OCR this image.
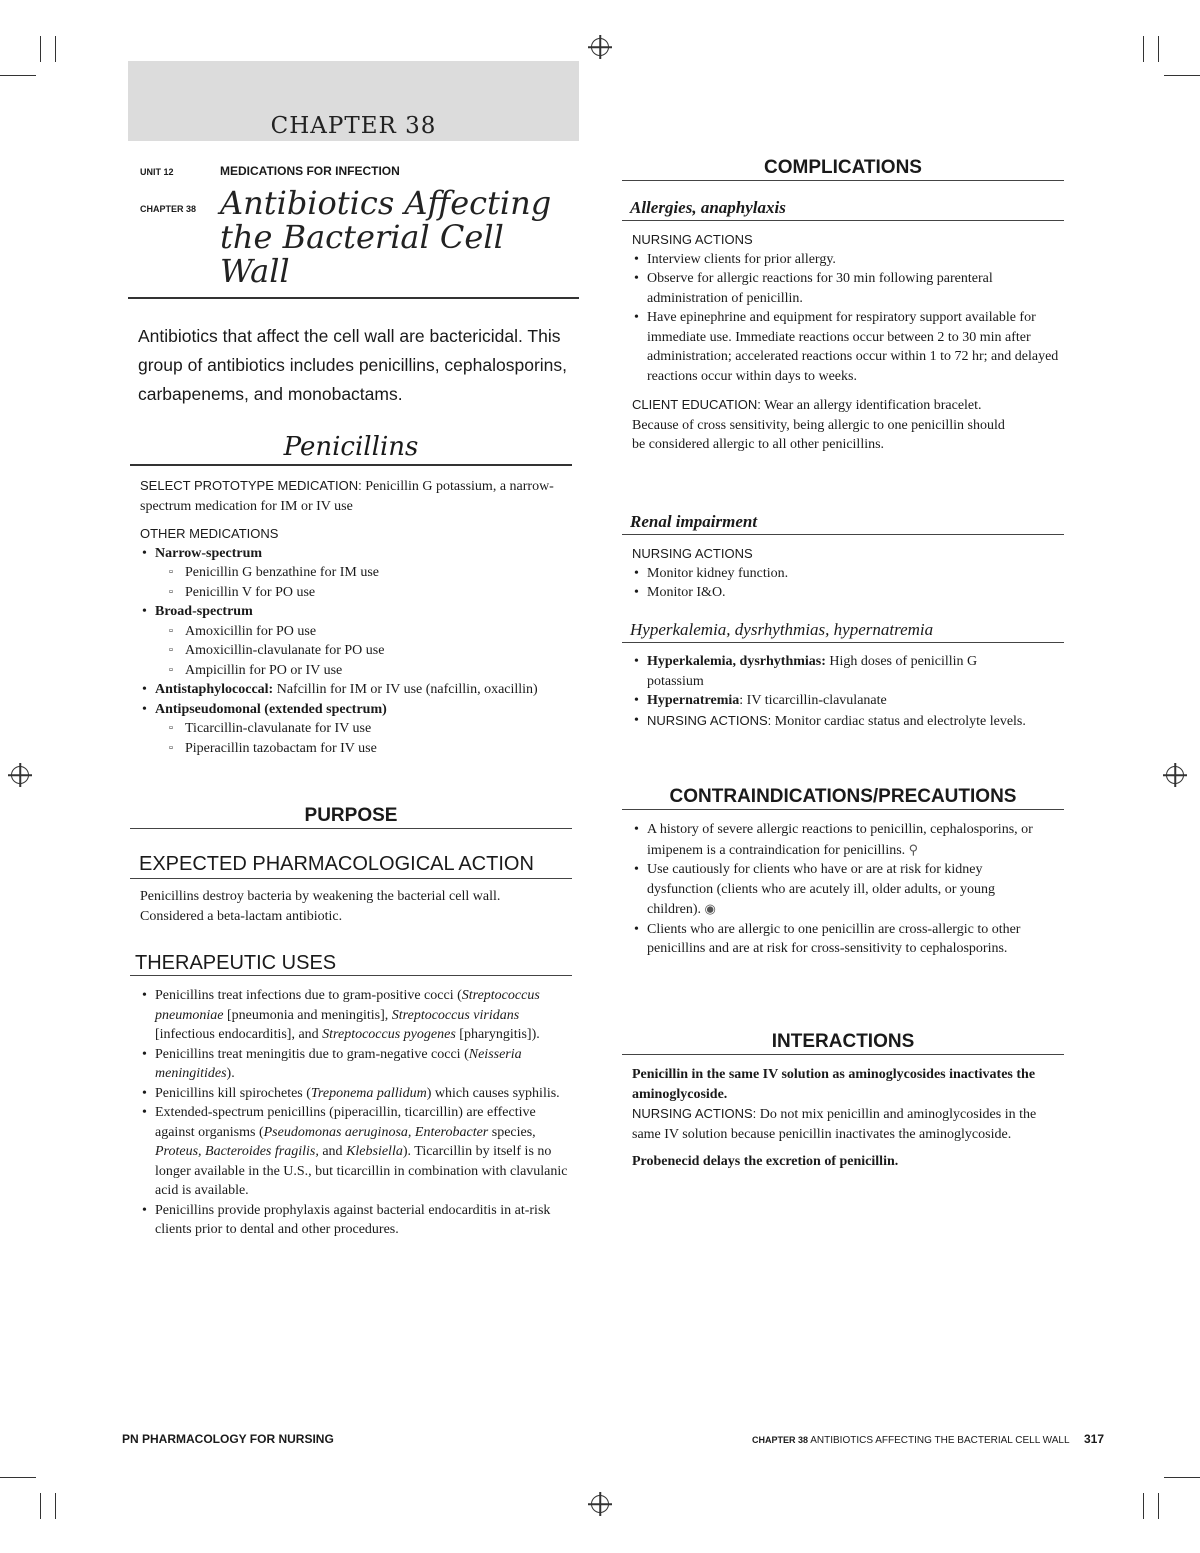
CHAPTER 38
UNIT 12	MEDICATIONS FOR INFECTION
CHAPTER 38 Antibiotics Affecting the Bacterial Cell Wall
Antibiotics that affect the cell wall are bactericidal. This group of antibiotics includes penicillins, cephalosporins, carbapenems, and monobactams.
Penicillins
SELECT PROTOTYPE MEDICATION: Penicillin G potassium, a narrow-spectrum medication for IM or IV use
OTHER MEDICATIONS
• Narrow-spectrum
▫ Penicillin G benzathine for IM use
▫ Penicillin V for PO use
• Broad-spectrum
▫ Amoxicillin for PO use
▫ Amoxicillin-clavulanate for PO use
▫ Ampicillin for PO or IV use
• Antistaphylococcal: Nafcillin for IM or IV use (nafcillin, oxacillin)
• Antipseudomonal (extended spectrum)
▫ Ticarcillin-clavulanate for IV use
▫ Piperacillin tazobactam for IV use
PURPOSE
EXPECTED PHARMACOLOGICAL ACTION
Penicillins destroy bacteria by weakening the bacterial cell wall. Considered a beta-lactam antibiotic.
THERAPEUTIC USES
• Penicillins treat infections due to gram-positive cocci (Streptococcus pneumoniae [pneumonia and meningitis], Streptococcus viridans [infectious endocarditis], and Streptococcus pyogenes [pharyngitis]).
• Penicillins treat meningitis due to gram-negative cocci (Neisseria meningitides).
• Penicillins kill spirochetes (Treponema pallidum) which causes syphilis.
• Extended-spectrum penicillins (piperacillin, ticarcillin) are effective against organisms (Pseudomonas aeruginosa, Enterobacter species, Proteus, Bacteroides fragilis, and Klebsiella). Ticarcillin by itself is no longer available in the U.S., but ticarcillin in combination with clavulanic acid is available.
• Penicillins provide prophylaxis against bacterial endocarditis in at-risk clients prior to dental and other procedures.
COMPLICATIONS
Allergies, anaphylaxis
NURSING ACTIONS
• Interview clients for prior allergy.
• Observe for allergic reactions for 30 min following parenteral administration of penicillin.
• Have epinephrine and equipment for respiratory support available for immediate use. Immediate reactions occur between 2 to 30 min after administration; accelerated reactions occur within 1 to 72 hr; and delayed reactions occur within days to weeks.
CLIENT EDUCATION: Wear an allergy identification bracelet. Because of cross sensitivity, being allergic to one penicillin should be considered allergic to all other penicillins.
Renal impairment
NURSING ACTIONS
• Monitor kidney function.
• Monitor I&O.
Hyperkalemia, dysrhythmias, hypernatremia
• Hyperkalemia, dysrhythmias: High doses of penicillin G potassium
• Hypernatremia: IV ticarcillin-clavulanate
• NURSING ACTIONS: Monitor cardiac status and electrolyte levels.
CONTRAINDICATIONS/PRECAUTIONS
• A history of severe allergic reactions to penicillin, cephalosporins, or imipenem is a contraindication for penicillins. ⚲
• Use cautiously for clients who have or are at risk for kidney dysfunction (clients who are acutely ill, older adults, or young children). ◉
• Clients who are allergic to one penicillin are cross-allergic to other penicillins and are at risk for cross-sensitivity to cephalosporins.
INTERACTIONS
Penicillin in the same IV solution as aminoglycosides inactivates the aminoglycoside.
NURSING ACTIONS: Do not mix penicillin and aminoglycosides in the same IV solution because penicillin inactivates the aminoglycoside.
Probenecid delays the excretion of penicillin.
PN PHARMACOLOGY FOR NURSING	CHAPTER 38 ANTIBIOTICS AFFECTING THE BACTERIAL CELL WALL 317
